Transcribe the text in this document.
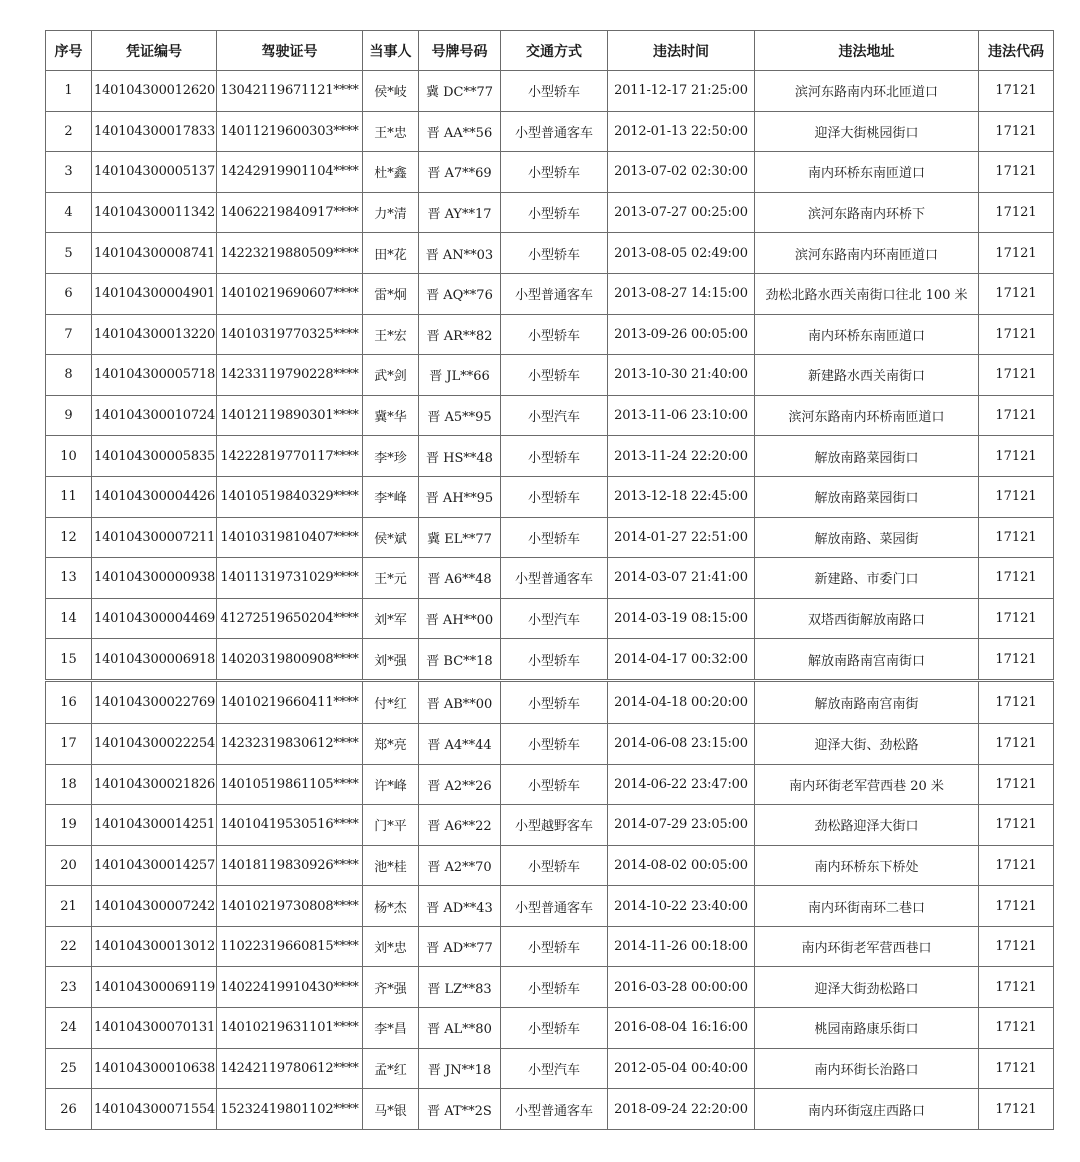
序号	凭证编号	驾驶证号	当事人	号牌号码	交通方式	违法时间	违法地址	违法代码
1	140104300012620	13042119671121****	侯*岐	冀 DC**77	小型轿车	2011-12-17 21:25:00	滨河东路南内环北匝道口	17121
2	140104300017833	14011219600303****	王*忠	晋 AA**56	小型普通客车	2012-01-13 22:50:00	迎泽大街桃园街口	17121
3	140104300005137	14242919901104****	杜*鑫	晋 A7**69	小型轿车	2013-07-02 02:30:00	南内环桥东南匝道口	17121
4	140104300011342	14062219840917****	力*清	晋 AY**17	小型轿车	2013-07-27 00:25:00	滨河东路南内环桥下	17121
5	140104300008741	14223219880509****	田*花	晋 AN**03	小型轿车	2013-08-05 02:49:00	滨河东路南内环南匝道口	17121
6	140104300004901	14010219690607****	雷*炯	晋 AQ**76	小型普通客车	2013-08-27 14:15:00	劲松北路水西关南街口往北 100 米	17121
7	140104300013220	14010319770325****	王*宏	晋 AR**82	小型轿车	2013-09-26 00:05:00	南内环桥东南匝道口	17121
8	140104300005718	14233119790228****	武*剑	晋 JL**66	小型轿车	2013-10-30 21:40:00	新建路水西关南街口	17121
9	140104300010724	14012119890301****	冀*华	晋 A5**95	小型汽车	2013-11-06 23:10:00	滨河东路南内环桥南匝道口	17121
10	140104300005835	14222819770117****	李*珍	晋 HS**48	小型轿车	2013-11-24 22:20:00	解放南路菜园街口	17121
11	140104300004426	14010519840329****	李*峰	晋 AH**95	小型轿车	2013-12-18 22:45:00	解放南路菜园街口	17121
12	140104300007211	14010319810407****	侯*斌	冀 EL**77	小型轿车	2014-01-27 22:51:00	解放南路、菜园街	17121
13	140104300000938	14011319731029****	王*元	晋 A6**48	小型普通客车	2014-03-07 21:41:00	新建路、市委门口	17121
14	140104300004469	41272519650204****	刘*军	晋 AH**00	小型汽车	2014-03-19 08:15:00	双塔西街解放南路口	17121
15	140104300006918	14020319800908****	刘*强	晋 BC**18	小型轿车	2014-04-17 00:32:00	解放南路南宫南街口	17121
16	140104300022769	14010219660411****	付*红	晋 AB**00	小型轿车	2014-04-18 00:20:00	解放南路南宫南街	17121
17	140104300022254	14232319830612****	郑*亮	晋 A4**44	小型轿车	2014-06-08 23:15:00	迎泽大街、劲松路	17121
18	140104300021826	14010519861105****	许*峰	晋 A2**26	小型轿车	2014-06-22 23:47:00	南内环街老军营西巷 20 米	17121
19	140104300014251	14010419530516****	门*平	晋 A6**22	小型越野客车	2014-07-29 23:05:00	劲松路迎泽大街口	17121
20	140104300014257	14018119830926****	池*桂	晋 A2**70	小型轿车	2014-08-02 00:05:00	南内环桥东下桥处	17121
21	140104300007242	14010219730808****	杨*杰	晋 AD**43	小型普通客车	2014-10-22 23:40:00	南内环街南环二巷口	17121
22	140104300013012	11022319660815****	刘*忠	晋 AD**77	小型轿车	2014-11-26 00:18:00	南内环街老军营西巷口	17121
23	140104300069119	14022419910430****	齐*强	晋 LZ**83	小型轿车	2016-03-28 00:00:00	迎泽大街劲松路口	17121
24	140104300070131	14010219631101****	李*昌	晋 AL**80	小型轿车	2016-08-04 16:16:00	桃园南路康乐街口	17121
25	140104300010638	14242119780612****	孟*红	晋 JN**18	小型汽车	2012-05-04 00:40:00	南内环街长治路口	17121
26	140104300071554	15232419801102****	马*银	晋 AT**2S	小型普通客车	2018-09-24 22:20:00	南内环街寇庄西路口	17121
